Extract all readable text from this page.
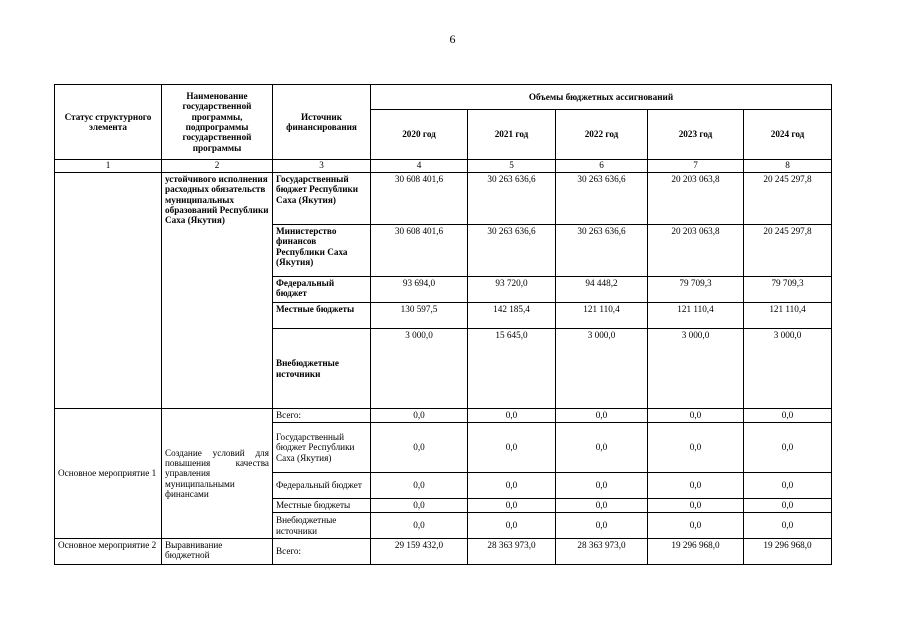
6
Статус структурного элемента	Наименование государственной программы, подпрограммы государственной программы	Источник финансирования	Объемы бюджетных ассигнований				
			2020 год	2021 год	2022 год	2023 год	2024 год
1	2	3	4	5	6	7	8
	устойчивого исполнения расходных обязательств муниципальных образований Республики Саха (Якутия)	Государственный бюджет Республики Саха (Якутия)	30 608 401,6	30 263 636,6	30 263 636,6	20 203 063,8	20 245 297,8
		Министерство финансов Республики Саха (Якутия)	30 608 401,6	30 263 636,6	30 263 636,6	20 203 063,8	20 245 297,8
		Федеральный бюджет	93 694,0	93 720,0	94 448,2	79 709,3	79 709,3
		Местные бюджеты	130 597,5	142 185,4	121 110,4	121 110,4	121 110,4
		Внебюджетные источники	3 000,0	15 645,0	3 000,0	3 000,0	3 000,0
Основное мероприятие 1	Создание условий для повышения качества управления муниципальными финансами	Всего:	0,0	0,0	0,0	0,0	0,0
		Государственный бюджет Республики Саха (Якутия)	0,0	0,0	0,0	0,0	0,0
		Федеральный бюджет	0,0	0,0	0,0	0,0	0,0
		Местные бюджеты	0,0	0,0	0,0	0,0	0,0
		Внебюджетные источники	0,0	0,0	0,0	0,0	0,0
Основное мероприятие 2	Выравнивание бюджетной	Всего:	29 159 432,0	28 363 973,0	28 363 973,0	19 296 968,0	19 296 968,0
